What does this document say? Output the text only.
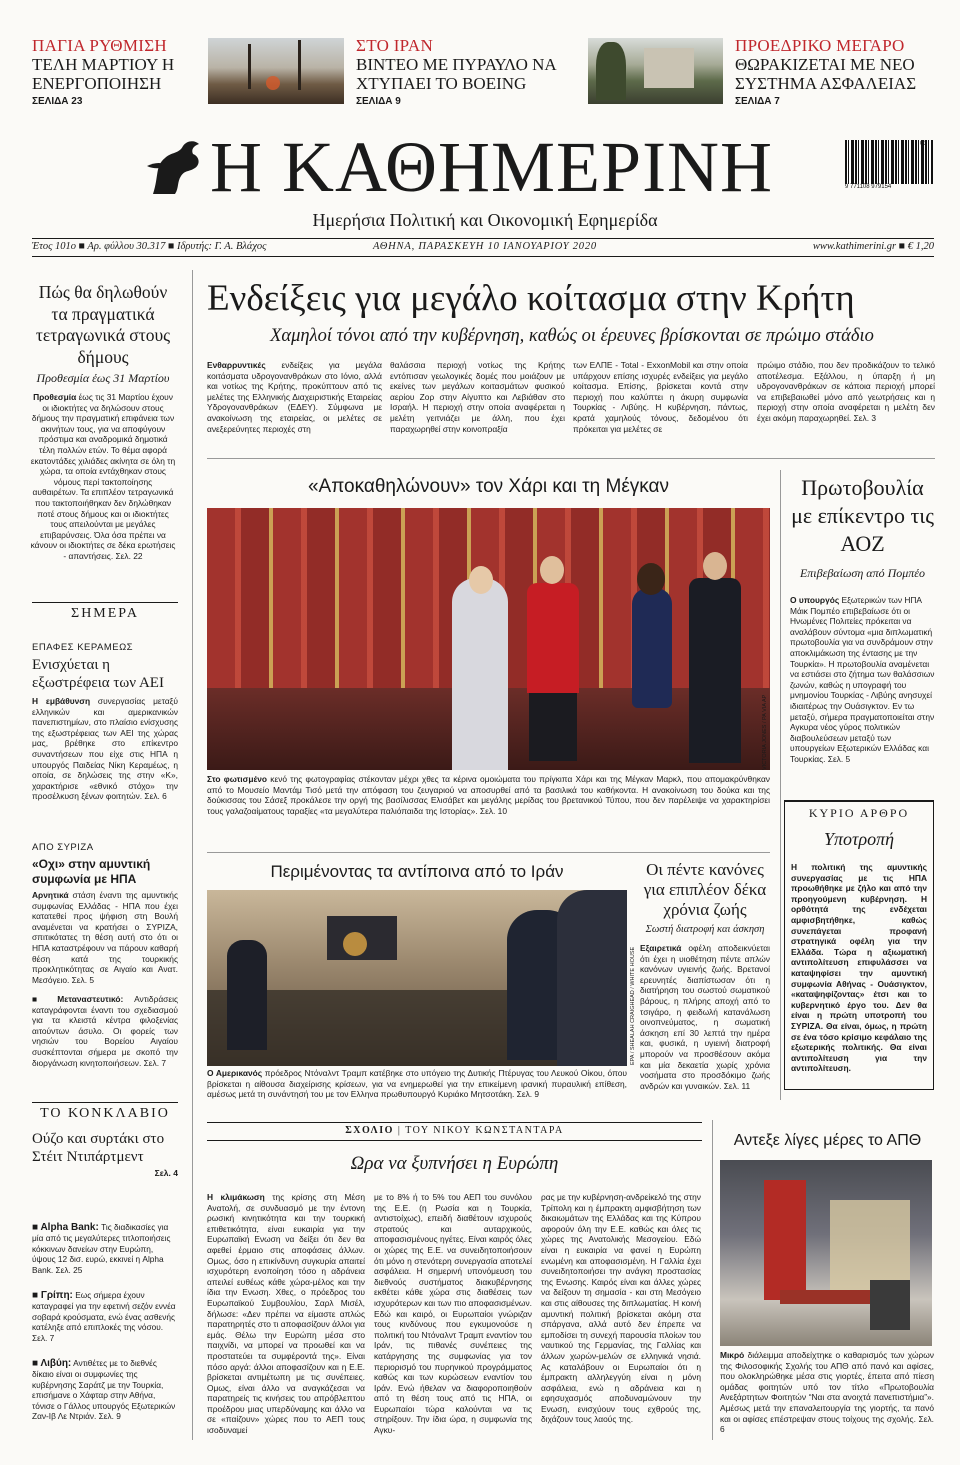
ΠΑΓΙΑ ΡΥΘΜΙΣΗ
ΤΕΛΗ ΜΑΡΤΙΟΥ Η ΕΝΕΡΓΟΠΟΙΗΣΗ
ΣΕΛΙΔΑ 23
ΣΤΟ ΙΡΑΝ
ΒΙΝΤΕΟ ΜΕ ΠΥΡΑΥΛΟ ΝΑ ΧΤΥΠΑΕΙ ΤΟ BOEING
ΣΕΛΙΔΑ 9
ΠΡΟΕΔΡΙΚΟ ΜΕΓΑΡΟ
ΘΩΡΑΚΙΖΕΤΑΙ ΜΕ ΝΕΟ ΣΥΣΤΗΜΑ ΑΣΦΑΛΕΙΑΣ
ΣΕΛΙΔΑ 7
Η ΚΑΘΗΜΕΡΙΝΗ
Ημερήσια Πολιτική και Οικονομική Εφημερίδα
9 771108 979154
01
Έτος 101ο ■ Αρ. φύλλου 30.317 ■ Ιδρυτής: Γ. Α. Βλάχος	ΑΘΗΝΑ, ΠΑΡΑΣΚΕΥΗ 10 ΙΑΝΟΥΑΡΙΟΥ 2020	www.kathimerini.gr ■ € 1,20
Πώς θα δηλωθούν τα πραγματικά τετραγωνικά στους δήμους
Προθεσμία έως 31 Μαρτίου
Προθεσμία έως τις 31 Μαρτίου έχουν οι ιδιοκτήτες να δηλώσουν στους δήμους την πραγματική επιφάνεια των ακινήτων τους, για να αποφύγουν πρόστιμα και αναδρομικά δημοτικά τέλη πολλών ετών. Το θέμα αφορά εκατοντάδες χιλιάδες ακίνητα σε όλη τη χώρα, τα οποία εντάχθηκαν στους νόμους περί τακτοποίησης αυθαιρέτων. Τα επιπλέον τετραγωνικά που τακτοποιήθηκαν δεν δηλώθηκαν ποτέ στους δήμους και οι ιδιοκτήτες τους απειλούνται με μεγάλες επιβαρύνσεις. Όλα όσα πρέπει να κάνουν οι ιδιοκτήτες σε δέκα ερωτήσεις - απαντήσεις. Σελ. 22
ΣΗΜΕΡΑ
ΕΠΑΦΕΣ ΚΕΡΑΜΕΩΣ
Ενισχύεται η εξωστρέφεια των ΑΕΙ
Η εμβάθυνση συνεργασίας μεταξύ ελληνικών και αμερικανικών πανεπιστημίων, στο πλαίσιο ενίσχυσης της εξωστρέφειας των ΑΕΙ της χώρας μας, βρέθηκε στο επίκεντρο συναντήσεων που είχε στις ΗΠΑ η υπουργός Παιδείας Νίκη Κεραμέως, η οποία, σε δηλώσεις της στην «Κ», χαρακτήρισε «εθνικό στόχο» την προσέλκυση ξένων φοιτητών. Σελ. 6
ΑΠΟ ΣΥΡΙΖΑ
«Οχι» στην αμυντική συμφωνία με ΗΠΑ
Αρνητικά στάση έναντι της αμυντικής συμφωνίας Ελλάδας - ΗΠΑ που έχει κατατεθεί προς ψήφιση στη Βουλή αναμένεται να κρατήσει ο ΣΥΡΙΖΑ, σπιτικότατες τη θέση αυτή στο ότι οι ΗΠΑ καταστρέφουν να πάρουν καθαρή θέση κατά της τουρκικής προκλητικότητας σε Αιγαίο και Ανατ. Μεσόγειο. Σελ. 5
■ Μεταναστευτικό: Αντιδράσεις καταγράφονται έναντι του σχεδιασμού για τα κλειστά κέντρα φιλοξενίας αιτούντων άσυλο. Οι φορείς των νησιών του Βορείου Αιγαίου συσκέπτονται σήμερα με σκοπό την διοργάνωση κινητοποιήσεων. Σελ. 7
ΤΟ ΚΟΝΚΛΑΒΙΟ
Ούζο και συρτάκι στο Στέιτ Ντιπάρτμεντ
Σελ. 4
■ Alpha Bank: Τις διαδικασίες για μία από τις μεγαλύτερες τιτλοποιήσεις κόκκινων δανείων στην Ευρώπη, ύψους 12 δισ. ευρώ, εκκινεί η Alpha Bank. Σελ. 25
■ Γρίπη: Εως σήμερα έχουν καταγραφεί για την εφετινή σεζόν εννέα σοβαρά κρούσματα, ενώ ένας ασθενής κατέληξε από επιπλοκές της νόσου. Σελ. 7
■ Λιβύη: Αντιθέτες με το διεθνές δίκαιο είναι οι συμφωνίες της κυβέρνησης Σαράτζ με την Τουρκία, επισήμανε ο Χάφταρ στην Αθήνα, τόνισε ο Γάλλος υπουργός Εξωτερικών Ζαν-Ιβ Λε Ντριάν. Σελ. 9
Ενδείξεις για μεγάλο κοίτασμα στην Κρήτη
Χαμηλοί τόνοι από την κυβέρνηση, καθώς οι έρευνες βρίσκονται σε πρώιμο στάδιο
Ενθαρρυντικές ενδείξεις για μεγάλα κοιτάσματα υδρογονανθράκων στο Ιόνιο, αλλά και νοτίως της Κρήτης, προκύπτουν από τις μελέτες της Ελληνικής Διαχειριστικής Εταιρείας Υδρογονανθράκων (ΕΔΕΥ). Σύμφωνα με ανακοίνωση της εταιρείας, οι μελέτες σε ανεξερεύνητες περιοχές στη
θαλάσσια περιοχή νοτίως της Κρήτης εντόπισαν γεωλογικές δομές που μοιάζουν με εκείνες των μεγάλων κοιτασμάτων φυσικού αερίου Ζορ στην Αίγυπτο και Λεβιάθαν στο Ισραήλ. Η περιοχή στην οποία αναφέρεται η μελέτη γειτνιάζει με άλλη, που έχει παραχωρηθεί στην κοινοπραξία
των ΕΛΠΕ - Total - ExxonMobil και στην οποία υπάρχουν επίσης ισχυρές ενδείξεις για μεγάλο κοίτασμα. Επίσης, βρίσκεται κοντά στην περιοχή που καλύπτει η άκυρη συμφωνία Τουρκίας - Λιβύης. Η κυβέρνηση, πάντως, κρατά χαμηλούς τόνους, δεδομένου ότι πρόκειται για μελέτες σε
πρώιμο στάδιο, που δεν προδικάζουν το τελικό αποτέλεσμα. Εξάλλου, η ύπαρξη ή μη υδρογονανθράκων σε κάποια περιοχή μπορεί να επιβεβαιωθεί μόνο από γεωτρήσεις και η περιοχή στην οποία αναφέρεται η μελέτη δεν έχει ακόμη παραχωρηθεί. Σελ. 3
«Αποκαθηλώνουν» τον Χάρι και τη Μέγκαν
VICTORIA JONES / PA VIA AP
Στο φωτισμένο κενό της φωτογραφίας στέκονταν μέχρι χθες τα κέρινα ομοιώματα του πρίγκιπα Χάρι και της Μέγκαν Μαρκλ, που απομακρύνθηκαν από το Μουσείο Μαντάμ Τισό μετά την απόφαση του ζευγαριού να αποσυρθεί από τα βασιλικά του καθήκοντα. Η ανακοίνωση του δούκα και της δούκισσας του Σάσεξ προκάλεσε την οργή της βασίλισσας Ελισάβετ και μεγάλης μερίδας του βρετανικού Τύπου, που δεν παρέλειψε να χαρακτηρίσει τους γαλαζοαίματους ταραξίες «τα μεγαλύτερα παλιόπαιδα της Ιστορίας». Σελ. 10
Πρωτοβουλία με επίκεντρο τις ΑΟΖ
Επιβεβαίωση από Πομπέο
Ο υπουργός Εξωτερικών των ΗΠΑ Μάικ Πομπέο επιβεβαίωσε ότι οι Ηνωμένες Πολιτείες πρόκειται να αναλάβουν σύντομα «μια διπλωματική πρωτοβουλία για να συνδράμουν στην αποκλιμάκωση της έντασης με την Τουρκία». Η πρωτοβουλία αναμένεται να εστιάσει στο ζήτημα των θαλάσσιων ζωνών, καθώς η υπογραφή του μνημονίου Τουρκίας - Λιβύης ανησυχεί ιδιαιτέρως την Ουάσιγκτον. Εν τω μεταξύ, σήμερα πραγματοποιείται στην Αγκυρα νέος γύρος πολιτικών διαβουλεύσεων μεταξύ των υπουργείων Εξωτερικών Ελλάδας και Τουρκίας. Σελ. 5
ΚΥΡΙΟ ΑΡΘΡΟ
Υποτροπή
Η πολιτική της αμυντικής συνεργασίας με τις ΗΠΑ προωθήθηκε με ζήλο και από την προηγούμενη κυβέρνηση. Η ορθότητά της ενδέχεται αμφισβητήθηκε, καθώς συνεπάγεται προφανή στρατηγικά οφέλη για την Ελλάδα. Τώρα η αξιωματική αντιπολίτευση επιφυλάσσει να καταψηφίσει την αμυντική συμφωνία Αθήνας - Ουάσιγκτον, «καταψηφίζοντας» έτσι και το κυβερνητικό έργο του. Δεν θα είναι η πρώτη υποτροπή του ΣΥΡΙΖΑ. Θα είναι, όμως, η πρώτη σε ένα τόσο κρίσιμο κεφάλαιο της εξωτερικής πολιτικής. Θα είναι αντιπολίτευση για την αντιπολίτευση.
Περιμένοντας τα αντίποινα από το Ιράν
EPA / SHEALAH CRAIGHEAD / WHITE HOUSE
Ο Αμερικανός πρόεδρος Ντόναλντ Τραμπ κατέβηκε στο υπόγειο της Δυτικής Πτέρυγας του Λευκού Οίκου, όπου βρίσκεται η αίθουσα διαχείρισης κρίσεων, για να ενημερωθεί για την επικείμενη ιρανική πυραυλική επίθεση, αμέσως μετά τη συνάντησή του με τον Ελληνα πρωθυπουργό Κυριάκο Μητσοτάκη. Σελ. 9
Οι πέντε κανόνες για επιπλέον δέκα χρόνια ζωής
Σωστή διατροφή και άσκηση
Εξαιρετικά οφέλη αποδεικνύεται ότι έχει η υιοθέτηση πέντε απλών κανόνων υγιεινής ζωής. Βρετανοί ερευνητές διαπίστωσαν ότι η διατήρηση του σωστού σωματικού βάρους, η πλήρης αποχή από το τσιγάρο, η φειδωλή κατανάλωση οινοπνεύματος, η σωματική άσκηση επί 30 λεπτά την ημέρα και, φυσικά, η υγιεινή διατροφή μπορούν να προσθέσουν ακόμα και μία δεκαετία χωρίς χρόνια νοσήματα στο προσδόκιμο ζωής ανδρών και γυναικών. Σελ. 11
ΣΧΟΛΙΟ | ΤΟΥ ΝΙΚΟΥ ΚΩΝΣΤΑΝΤΑΡΑ
Ωρα να ξυπνήσει η Ευρώπη
Η κλιμάκωση της κρίσης στη Μέση Ανατολή, σε συνδυασμό με την έντονη ρωσική κινητικότητα και την τουρκική επιθετικότητα, είναι ευκαιρία για την Ευρωπαϊκή Ενωση να δείξει ότι δεν θα αφεθεί έρμαιο στις αποφάσεις άλλων. Ομως, όσο η επικίνδυνη συγκυρία απαιτεί ισχυρότερη ενοποίηση τόσο η αδράνεια απειλεί ευθέως κάθε χώρα-μέλος και την ίδια την Ενωση. Χθες, ο πρόεδρος του Ευρωπαϊκού Συμβουλίου, Σαρλ Μισέλ, δήλωσε: «Δεν πρέπει να είμαστε απλώς παρατηρητές στο τι αποφασίζουν άλλοι για εμάς. Θέλω την Ευρώπη μέσα στο παιχνίδι, να μπορεί να προωθεί και να προστατεύει τα συμφέροντά της». Είναι πόσο αργά: άλλοι αποφασίζουν και η Ε.Ε. βρίσκεται αντιμέτωπη με τις συνέπειες. Ομως, είναι άλλο να αναγκάζεσαι να παρατηρείς τις κινήσεις του απρόβλεπτου προέδρου μιας υπερδύναμης και άλλο να σε «παίζουν» χώρες που το ΑΕΠ τους ισοδυναμεί
με το 8% ή το 5% του ΑΕΠ του συνόλου της Ε.Ε. (η Ρωσία και η Τουρκία, αντιστοίχως), επειδή διαθέτουν ισχυρούς στρατούς και αυταρχικούς, αποφασισμένους ηγέτες. Είναι καιρός όλες οι χώρες της Ε.Ε. να συνειδητοποιήσουν ότι μόνο η στενότερη συνεργασία αποτελεί ασφάλεια. Η σημερινή υπονόμευση του διεθνούς συστήματος διακυβέρνησης εκθέτει κάθε χώρα στις διαθέσεις των ισχυρότερων και των πιο αποφασισμένων. Εδώ και καιρό, οι Ευρωπαίοι γνώριζαν τους κινδύνους που εγκυμονούσε η πολιτική του Ντόναλντ Τραμπ εναντίον του Ιράν, τις πιθανές συνέπειες της κατάργησης της συμφωνίας για τον περιορισμό του πυρηνικού προγράμματος καθώς και των κυρώσεων εναντίον του Ιράν. Ενώ ήθελαν να διαφοροποιηθούν από τη θέση τους από τις ΗΠΑ, οι Ευρωπαίοι τώρα καλούνται να τις στηρίξουν. Την ίδια ώρα, η συμφωνία της Αγκυ-
ρας με την κυβέρνηση-ανδρείκελό της στην Τρίπολη και η έμπρακτη αμφισβήτηση των δικαιωμάτων της Ελλάδας και της Κύπρου αφορούν όλη την Ε.Ε. καθώς και όλες τις χώρες της Ανατολικής Μεσογείου. Εδώ είναι η ευκαιρία να φανεί η Ευρώπη ενωμένη και αποφασισμένη. Η Γαλλία έχει συνειδητοποιήσει την ανάγκη προστασίας της Ενωσης. Καιρός είναι και άλλες χώρες να δείξουν τη σημασία - και στη Μεσόγειο και στις αίθουσες της διπλωματίας. Η κοινή αμυντική πολιτική βρίσκεται ακόμη στα σπάργανα, αλλά αυτό δεν έπρεπε να εμποδίσει τη συνεχή παρουσία πλοίων του ναυτικού της Γερμανίας, της Γαλλίας και άλλων χωρών-μελών σε ελληνικά νησιά. Ας καταλάβουν οι Ευρωπαίοι ότι η έμπρακτη αλληλεγγύη είναι η μόνη ασφάλεια, ενώ η αδράνεια και η εφησυχασμός αποδυναμώνουν την Ενωση, ενισχύουν τους εχθρούς της, διχάζουν τους λαούς της.
Αντεξε λίγες μέρες το ΑΠΘ
Μικρό διάλειμμα αποδείχτηκε ο καθαρισμός των χώρων της Φιλοσοφικής Σχολής του ΑΠΘ από πανό και αφίσες, που ολοκληρώθηκε μέσα στις γιορτές, έπειτα από πίεση ομάδας φοιτητών υπό τον τίτλο «Πρωτοβουλία Ανεξάρτητων Φοιτητών “Ναι στα ανοιχτά πανεπιστήμια”». Αμέσως μετά την επαναλειτουργία της γιορτής, τα πανό και οι αφίσες επέστρεψαν στους τοίχους της σχολής. Σελ. 6
